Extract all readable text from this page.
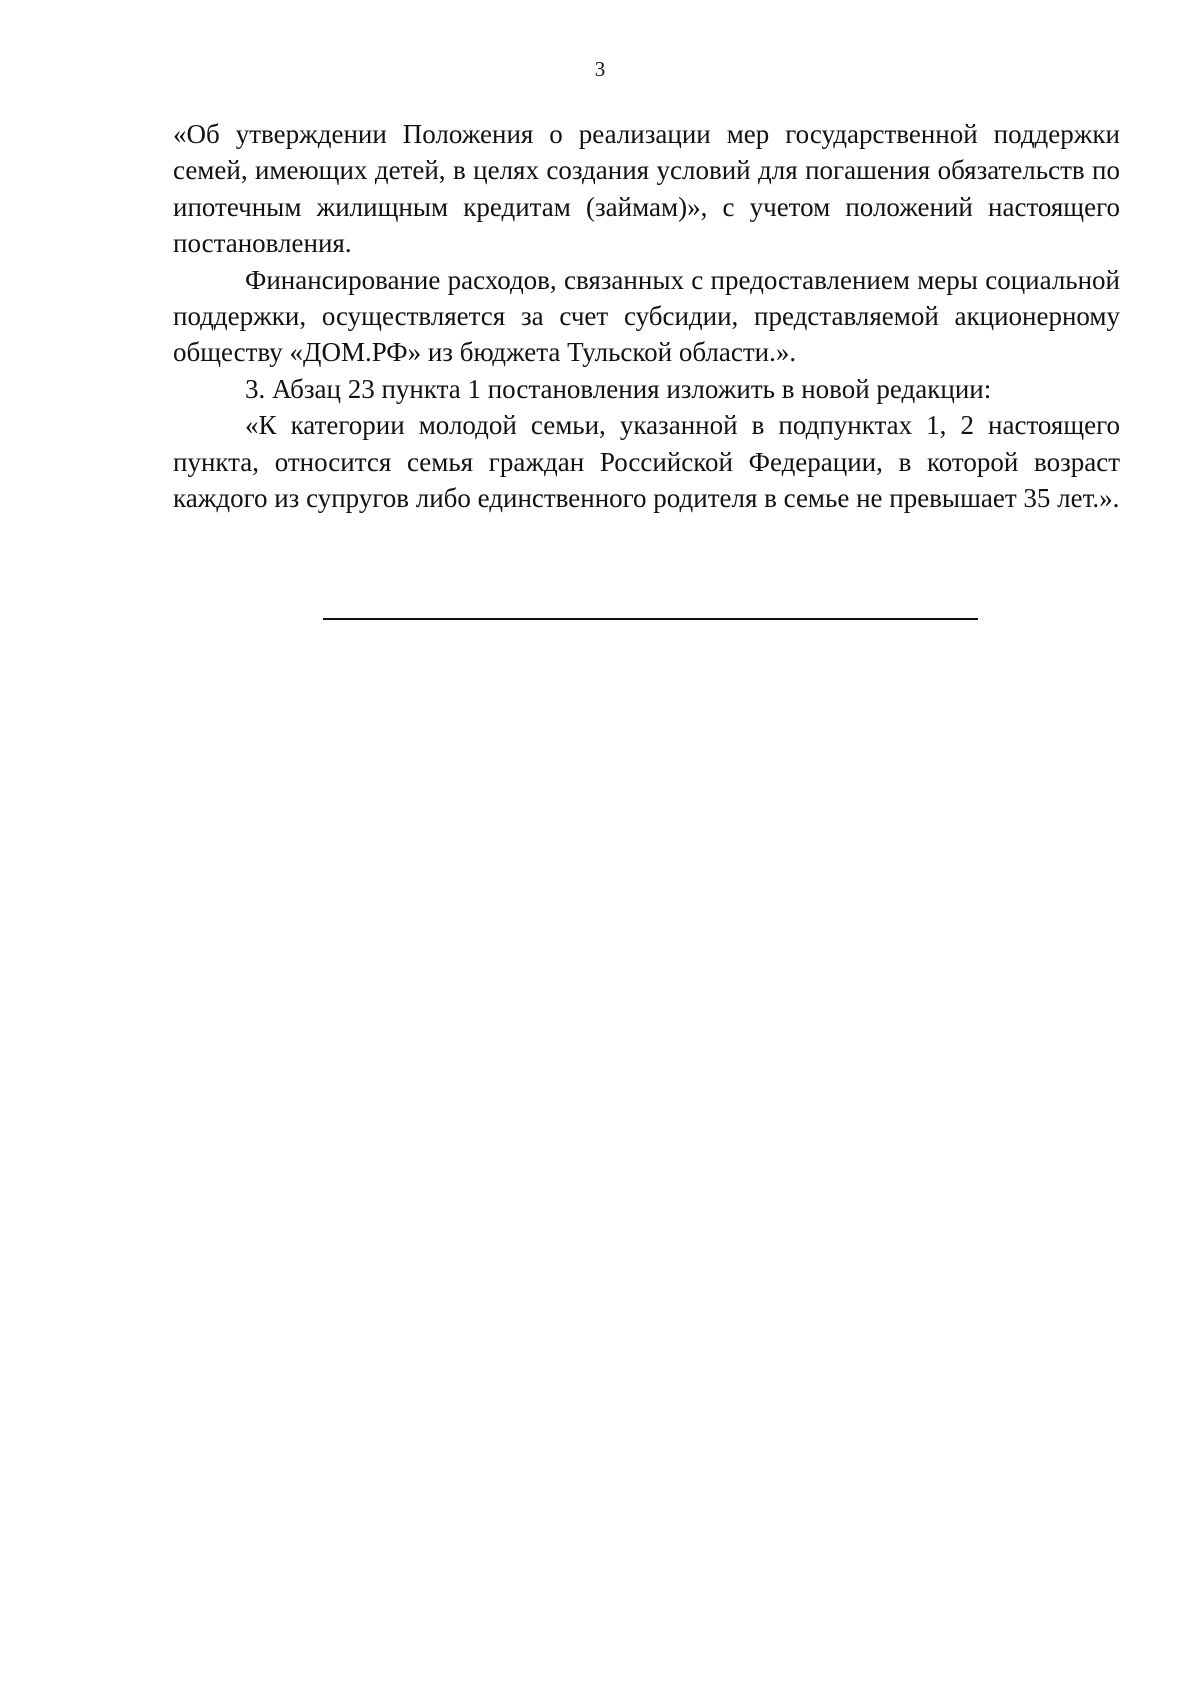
3

«Об утверждении Положения о реализации мер государственной поддержки семей, имеющих детей, в целях создания условий для погашения обязательств по ипотечным жилищным кредитам (займам)», с учетом положений настоящего постановления.

Финансирование расходов, связанных с предоставлением меры социальной поддержки, осуществляется за счет субсидии, представляемой акционерному обществу «ДОМ.РФ» из бюджета Тульской области.».

3. Абзац 23 пункта 1 постановления изложить в новой редакции:

«К категории молодой семьи, указанной в подпунктах 1, 2 настоящего пункта, относится семья граждан Российской Федерации, в которой возраст каждого из супругов либо единственного родителя в семье не превышает 35 лет.».
